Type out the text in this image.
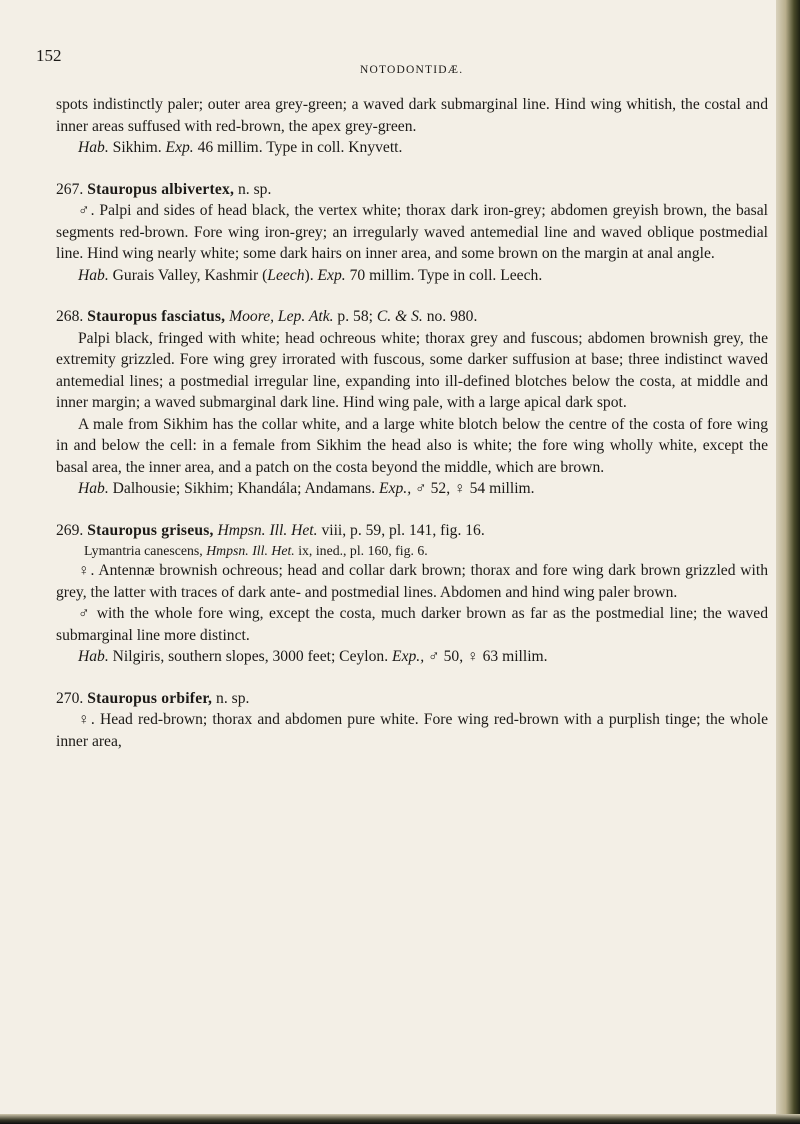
152
NOTODONTIDÆ.

spots indistinctly paler; outer area grey-green; a waved dark submarginal line. Hind wing whitish, the costal and inner areas suffused with red-brown, the apex grey-green.

Hab. Sikhim. Exp. 46 millim. Type in coll. Knyvett.

267. Stauropus albivertex, n. sp.

♂. Palpi and sides of head black, the vertex white; thorax dark iron-grey; abdomen greyish brown, the basal segments red-brown. Fore wing iron-grey; an irregularly waved antemedial line and waved oblique postmedial line. Hind wing nearly white; some dark hairs on inner area, and some brown on the margin at anal angle.

Hab. Gurais Valley, Kashmir (Leech). Exp. 70 millim. Type in coll. Leech.

268. Stauropus fasciatus, Moore, Lep. Atk. p. 58; C. & S. no. 980.

Palpi black, fringed with white; head ochreous white; thorax grey and fuscous; abdomen brownish grey, the extremity grizzled. Fore wing grey irrorated with fuscous, some darker suffusion at base; three indistinct waved antemedial lines; a postmedial irregular line, expanding into ill-defined blotches below the costa, at middle and inner margin; a waved submarginal dark line. Hind wing pale, with a large apical dark spot.

A male from Sikhim has the collar white, and a large white blotch below the centre of the costa of fore wing in and below the cell: in a female from Sikhim the head also is white; the fore wing wholly white, except the basal area, the inner area, and a patch on the costa beyond the middle, which are brown.

Hab. Dalhousie; Sikhim; Khandála; Andamans. Exp., ♂ 52, ♀ 54 millim.

269. Stauropus griseus, Hmpsn. Ill. Het. viii, p. 59, pl. 141, fig. 16.

Lymantria canescens, Hmpsn. Ill. Het. ix, ined., pl. 160, fig. 6.

♀. Antennæ brownish ochreous; head and collar dark brown; thorax and fore wing dark brown grizzled with grey, the latter with traces of dark ante- and postmedial lines. Abdomen and hind wing paler brown.

♂ with the whole fore wing, except the costa, much darker brown as far as the postmedial line; the waved submarginal line more distinct.

Hab. Nilgiris, southern slopes, 3000 feet; Ceylon. Exp., ♂ 50, ♀ 63 millim.

270. Stauropus orbifer, n. sp.

♀. Head red-brown; thorax and abdomen pure white. Fore wing red-brown with a purplish tinge; the whole inner area,
